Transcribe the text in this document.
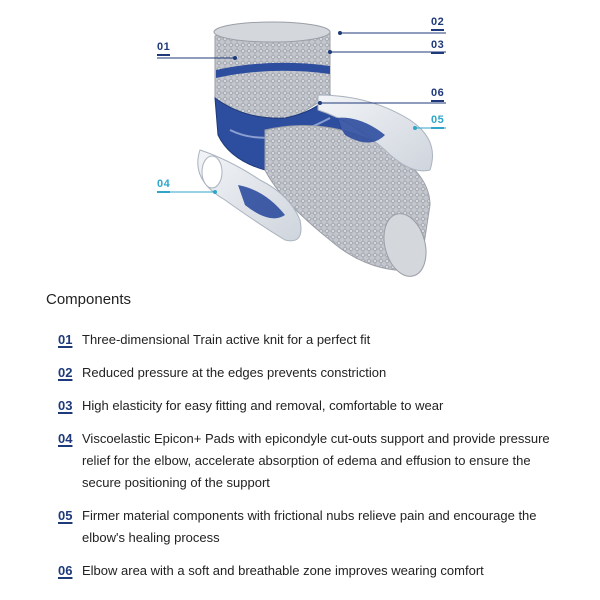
01
02
03
06
05
04
Components
01 Three-dimensional Train active knit for a perfect fit
02 Reduced pressure at the edges prevents constriction
03 High elasticity for easy fitting and removal, comfortable to wear
04 Viscoelastic Epicon+ Pads with epicondyle cut-outs support and provide pressure relief for the elbow, accelerate absorption of edema and effusion to ensure the secure positioning of the support
05 Firmer material components with frictional nubs relieve pain and encourage the elbow's healing process
06 Elbow area with a soft and breathable zone improves wearing comfort
